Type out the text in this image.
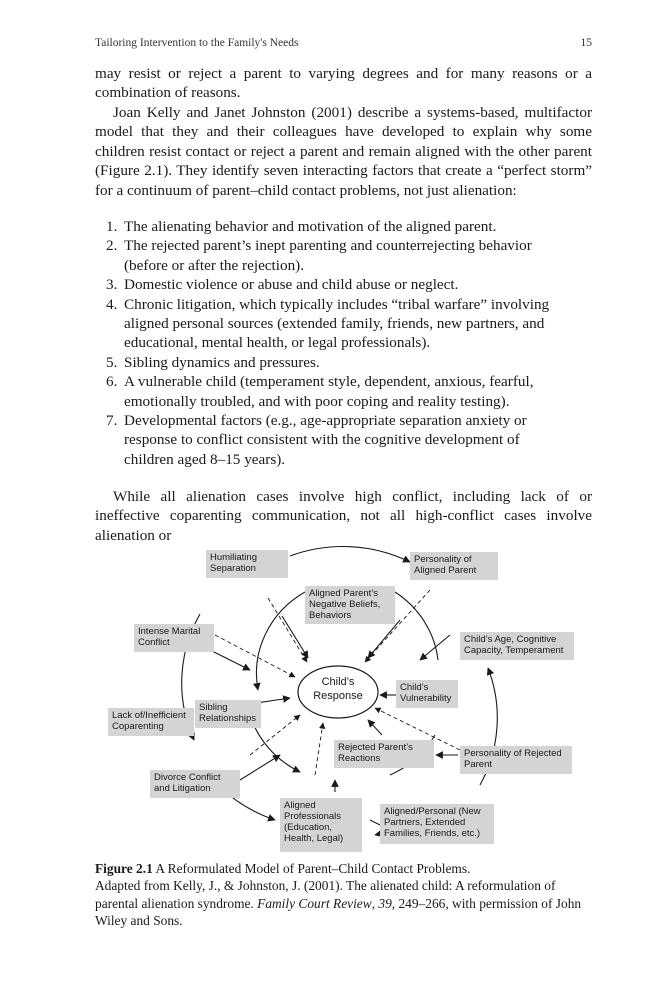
Tailoring Intervention to the Family's Needs	15

may resist or reject a parent to varying degrees and for many reasons or a combination of reasons.

Joan Kelly and Janet Johnston (2001) describe a systems-based, multifactor model that they and their colleagues have developed to explain why some children resist contact or reject a parent and remain aligned with the other parent (Figure 2.1). They identify seven interacting factors that create a “perfect storm” for a continuum of parent–child contact problems, not just alienation:

1. The alienating behavior and motivation of the aligned parent.
2. The rejected parent’s inept parenting and counterrejecting behavior (before or after the rejection).
3. Domestic violence or abuse and child abuse or neglect.
4. Chronic litigation, which typically includes “tribal warfare” involving aligned personal sources (extended family, friends, new partners, and educational, mental health, or legal professionals).
5. Sibling dynamics and pressures.
6. A vulnerable child (temperament style, dependent, anxious, fearful, emotionally troubled, and with poor coping and reality testing).
7. Developmental factors (e.g., age-appropriate separation anxiety or response to conflict consistent with the cognitive development of children aged 8–15 years).

While all alienation cases involve high conflict, including lack of or ineffective coparenting communication, not all high-conflict cases involve alienation or

Humiliating
Separation
Personality of
Aligned Parent
Aligned Parent’s
Negative Beliefs,
Behaviors
Intense Marital
Conflict	Child’s Age, Cognitive
Capacity, Temperament
Child’s
Response
Child’s
Vulnerability
Sibling
Relationships
Lack of/Inefficient
Coparenting
Rejected Parent’s
Reactions	Personality of Rejected
Parent
Divorce Conflict
and Litigation
Aligned
Professionals
(Education,
Health, Legal)
Aligned/Personal (New
Partners, Extended
Families, Friends, etc.)

Figure 2.1 A Reformulated Model of Parent–Child Contact Problems.

Adapted from Kelly, J., & Johnston, J. (2001). The alienated child: A reformulation of parental alienation syndrome. Family Court Review, 39, 249–266, with permission of John Wiley and Sons.
